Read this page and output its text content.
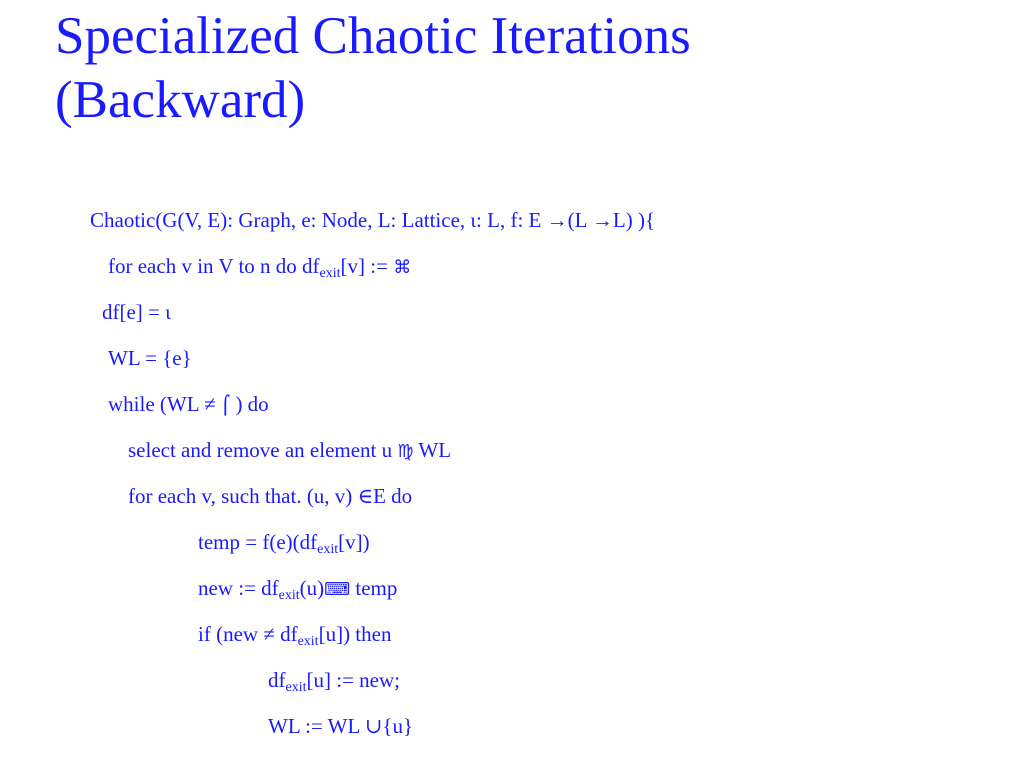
Specialized Chaotic Iterations
(Backward)
Chaotic(G(V, E): Graph, e: Node, L: Lattice, ι: L, f: E →(L →L) ){
for each v in V to n do $df_{exit}[v]$ := ⌘
df[e] = ι
WL = {e}
while (WL ≠ ⌠ ) do
select and remove an element u ♍ WL
for each v, such that. (u, v) ∈E do
temp = $f(e)(df_{exit}[v])$
new := $df_{exit}(u)⌨$ temp
if $(new \ne df_{exit}[u])$ then
$df_{exit}[u]$ := new;
WL := WL ∪{u}
